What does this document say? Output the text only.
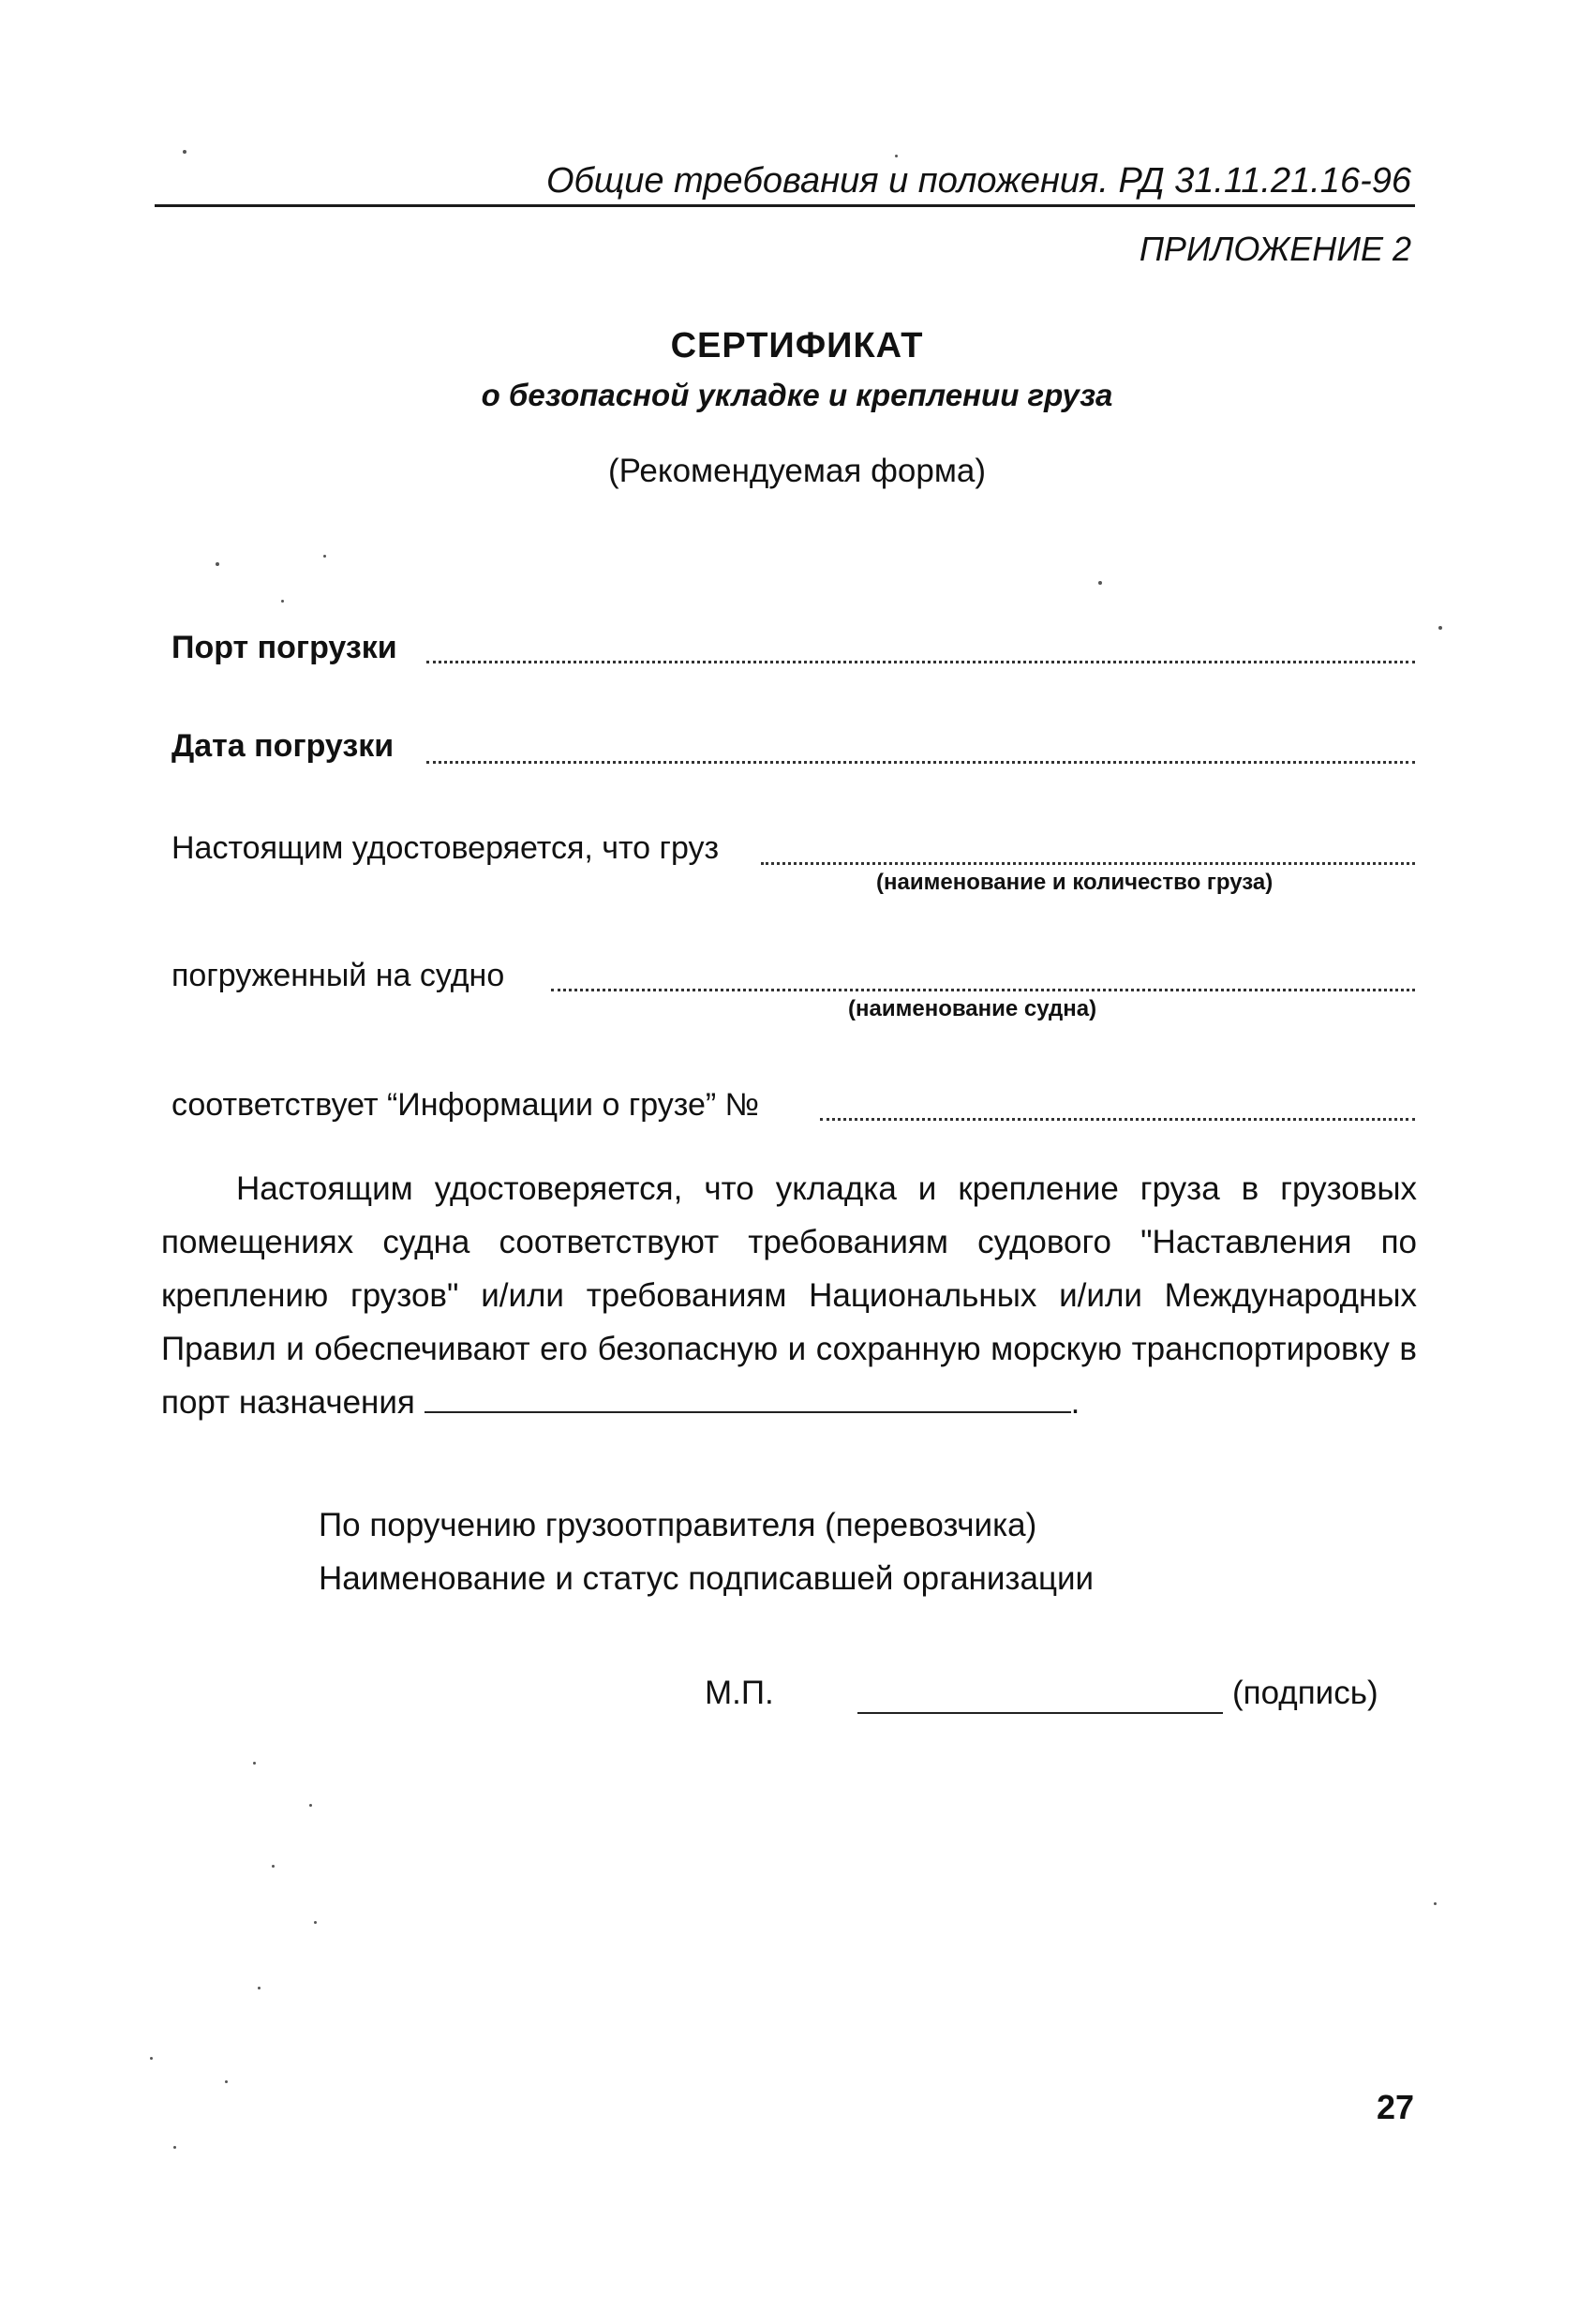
Общие требования и положения. РД 31.11.21.16-96
ПРИЛОЖЕНИЕ 2
СЕРТИФИКАТ
о безопасной укладке и креплении груза
(Рекомендуемая форма)
Порт погрузки
Дата погрузки
Настоящим удостоверяется, что груз
(наименование и количество груза)
погруженный на судно
(наименование судна)
соответствует “Информации о грузе” №
Настоящим удостоверяется, что укладка и крепление груза в грузовых помещениях судна соответствуют требованиям судового "Наставления по креплению грузов" и/или требованиям Национальных и/или Международных Правил и обеспечивают его безопасную и сохранную морскую транспортировку в порт назначения	.
По поручению грузоотправителя (перевозчика)
Наименование и статус подписавшей организации
М.П.	(подпись)
27
